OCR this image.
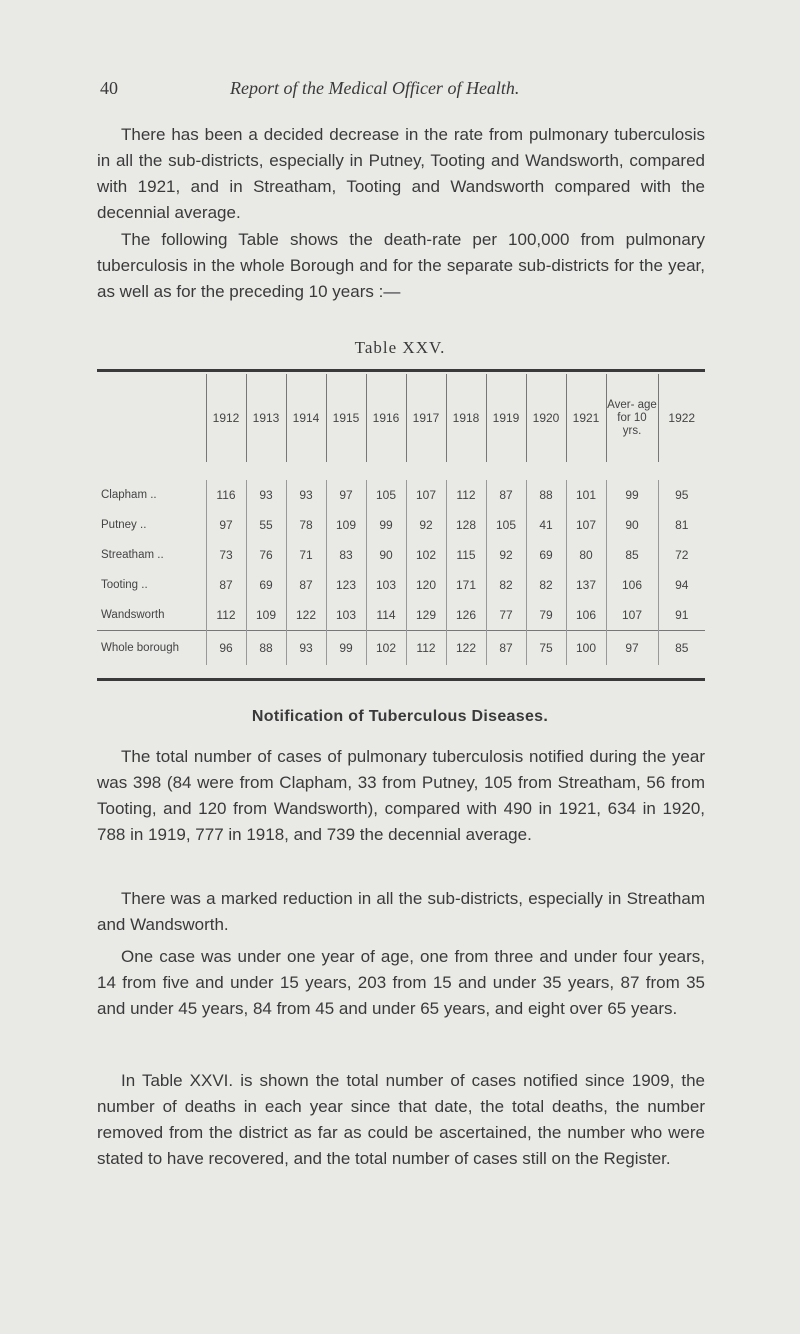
40	Report of the Medical Officer of Health.

There has been a decided decrease in the rate from pulmonary tuberculosis in all the sub-districts, especially in Putney, Tooting and Wandsworth, compared with 1921, and in Streatham, Tooting and Wandsworth compared with the decennial average.

The following Table shows the death-rate per 100,000 from pulmonary tuberculosis in the whole Borough and for the separate sub-districts for the year, as well as for the preceding 10 years :—

Table XXV.
	1912	1913	1914	1915	1916	1917	1918	1919	1920	1921	Aver- age for 10 yrs.	1922

Clapham ..	116	93	93	97	105	107	112	87	88	101	99	95
Putney ..	97	55	78	109	99	92	128	105	41	107	90	81
Streatham ..	73	76	71	83	90	102	115	92	69	80	85	72
Tooting ..	87	69	87	123	103	120	171	82	82	137	106	94
Wandsworth	112	109	122	103	114	129	126	77	79	106	107	91
Whole borough	96	88	93	99	102	112	122	87	75	100	97	85
Notification of Tuberculous Diseases.

The total number of cases of pulmonary tuberculosis notified during the year was 398 (84 were from Clapham, 33 from Putney, 105 from Streatham, 56 from Tooting, and 120 from Wandsworth), compared with 490 in 1921, 634 in 1920, 788 in 1919, 777 in 1918, and 739 the decennial average.

There was a marked reduction in all the sub-districts, especially in Streatham and Wandsworth.

One case was under one year of age, one from three and under four years, 14 from five and under 15 years, 203 from 15 and under 35 years, 87 from 35 and under 45 years, 84 from 45 and under 65 years, and eight over 65 years.

In Table XXVI. is shown the total number of cases notified since 1909, the number of deaths in each year since that date, the total deaths, the number removed from the district as far as could be ascertained, the number who were stated to have recovered, and the total number of cases still on the Register.
